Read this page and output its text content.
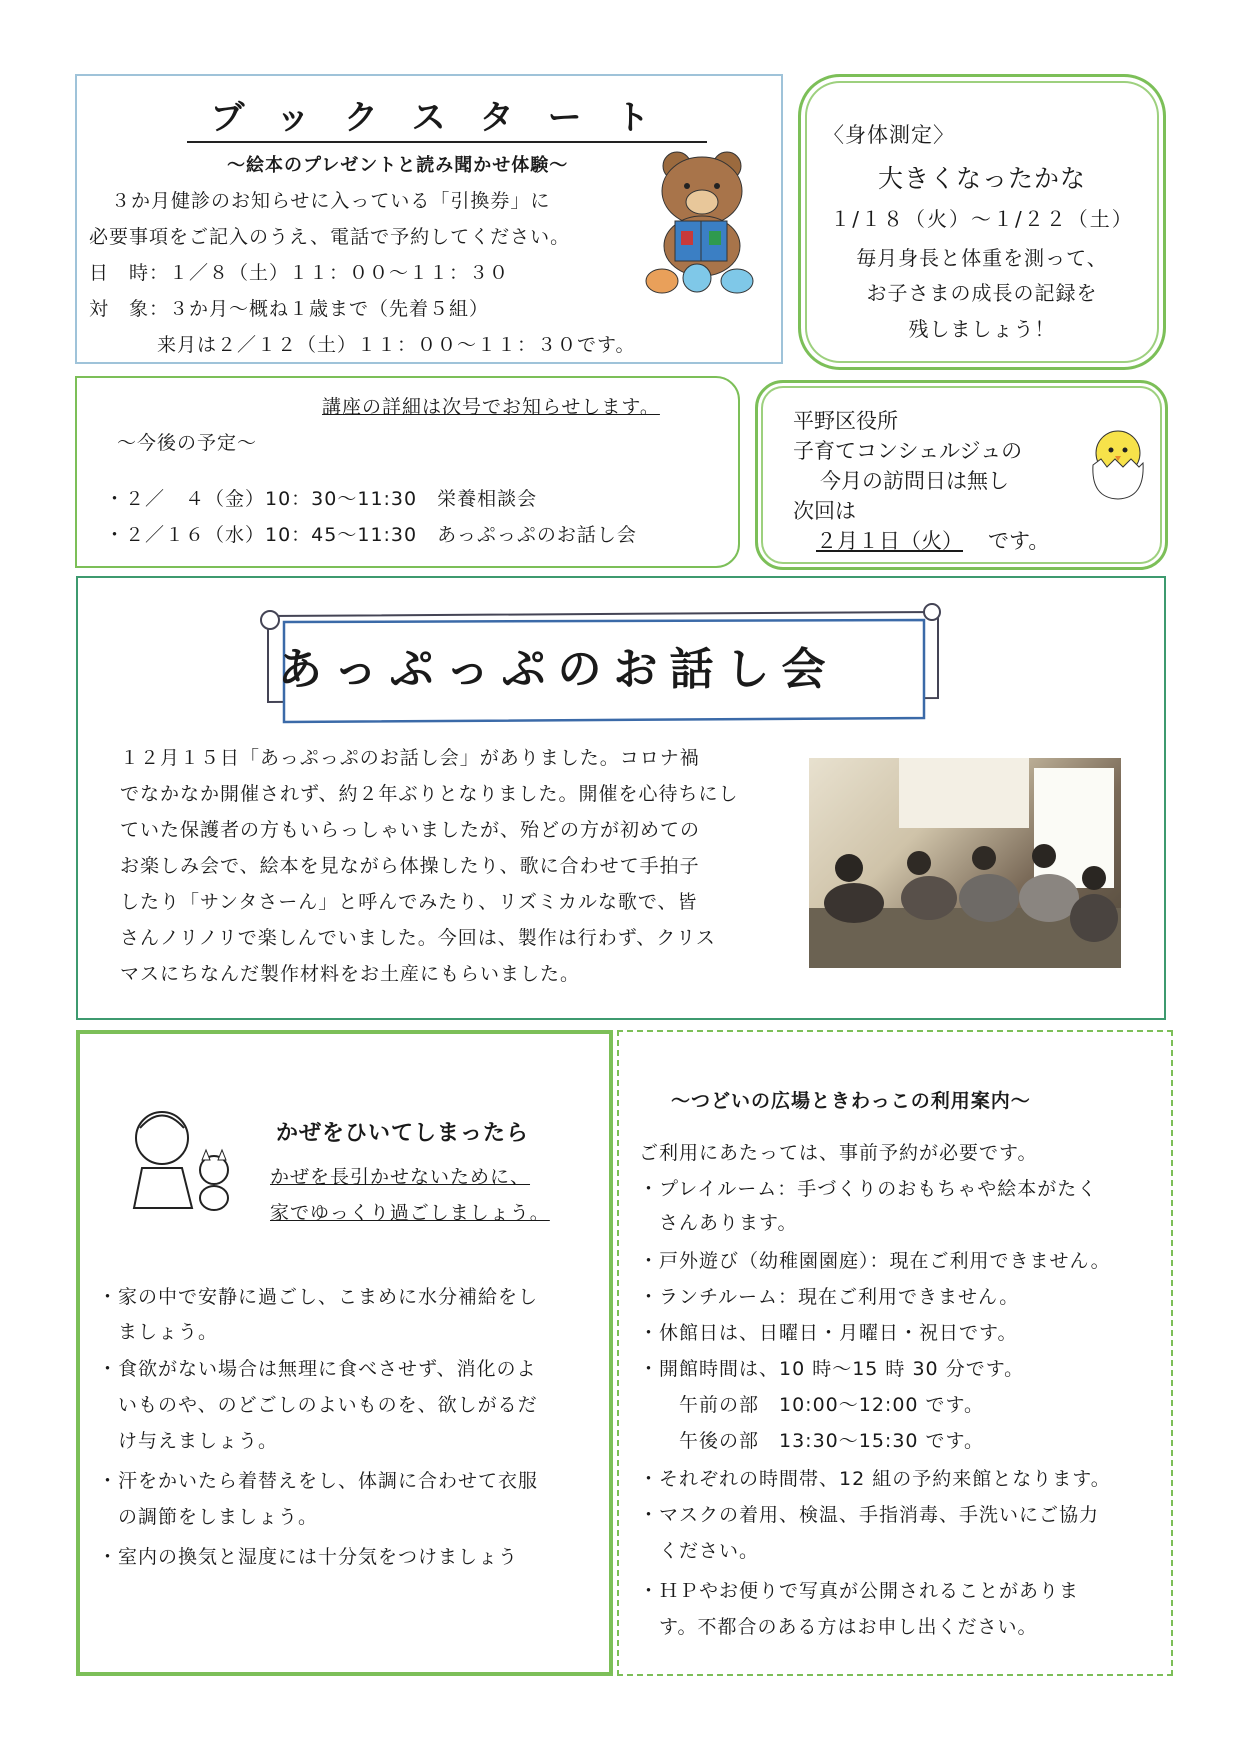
ブックスタート
～絵本のプレゼントと読み聞かせ体験～
３か月健診のお知らせに入っている「引換券」に
必要事項をご記入のうえ、電話で予約してください。
日　時：１／８（土）１１：００～１１：３０
対　象：３か月～概ね１歳まで（先着５組）
来月は２／１２（土）１１：００～１１：３０です。
〈身体測定〉
大きくなったかな
１/１８（火）～１/２２（土）
毎月身長と体重を測って、
お子さまの成長の記録を
残しましょう！
講座の詳細は次号でお知らせします。
～今後の予定～
・２／　４（金）10：30～11:30　栄養相談会
・２／１６（水）10：45～11:30　あっぷっぷのお話し会
平野区役所
子育てコンシェルジュの
今月の訪問日は無し
次回は
２月１日（火） です。
あっぷっぷのお話し会
１２月１５日「あっぷっぷのお話し会」がありました。コロナ禍
でなかなか開催されず、約２年ぶりとなりました。開催を心待ちにし
ていた保護者の方もいらっしゃいましたが、殆どの方が初めての
お楽しみ会で、絵本を見ながら体操したり、歌に合わせて手拍子
したり「サンタさーん」と呼んでみたり、リズミカルな歌で、皆
さんノリノリで楽しんでいました。今回は、製作は行わず、クリス
マスにちなんだ製作材料をお土産にもらいました。
かぜをひいてしまったら
かぜを長引かせないために、
家でゆっくり過ごしましょう。
・家の中で安静に過ごし、こまめに水分補給をし
　ましょう。
・食欲がない場合は無理に食べさせず、消化のよ
　いものや、のどごしのよいものを、欲しがるだ
　け与えましょう。
・汗をかいたら着替えをし、体調に合わせて衣服
　の調節をしましょう。
・室内の換気と湿度には十分気をつけましょう
～つどいの広場ときわっこの利用案内～
ご利用にあたっては、事前予約が必要です。
・プレイルーム：手づくりのおもちゃや絵本がたく
　さんあります。
・戸外遊び（幼稚園園庭）：現在ご利用できません。
・ランチルーム：現在ご利用できません。
・休館日は、日曜日・月曜日・祝日です。
・開館時間は、10 時～15 時 30 分です。
　　午前の部　10:00～12:00 です。
　　午後の部　13:30～15:30 です。
・それぞれの時間帯、12 組の予約来館となります。
・マスクの着用、検温、手指消毒、手洗いにご協力
　ください。
・ＨＰやお便りで写真が公開されることがありま
　す。不都合のある方はお申し出ください。
